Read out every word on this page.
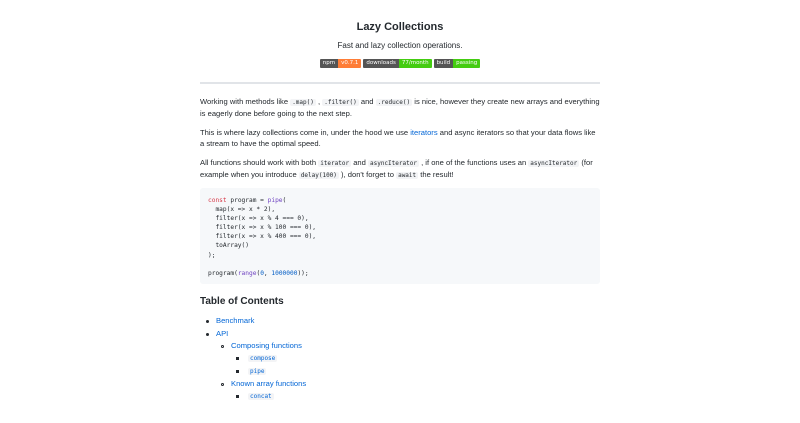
Lazy Collections
Fast and lazy collection operations.
npm	v0.7.1	downloads	77/month	build	passing
Working with methods like .map() , .filter() and .reduce() is nice, however they create new arrays and everything is eagerly done before going to the next step.
This is where lazy collections come in, under the hood we use iterators and async iterators so that your data flows like a stream to have the optimal speed.
All functions should work with both iterator and asyncIterator , if one of the functions uses an asyncIterator (for example when you introduce delay(100) ), don't forget to await the result!
const program = pipe(
map(x => x * 2),
filter(x => x % 4 === 0),
filter(x => x % 100 === 0),
filter(x => x % 400 === 0),
toArray()
);

program(range(0, 1000000));
Table of Contents
Benchmark
API
Composing functions
compose
pipe
Known array functions
concat
